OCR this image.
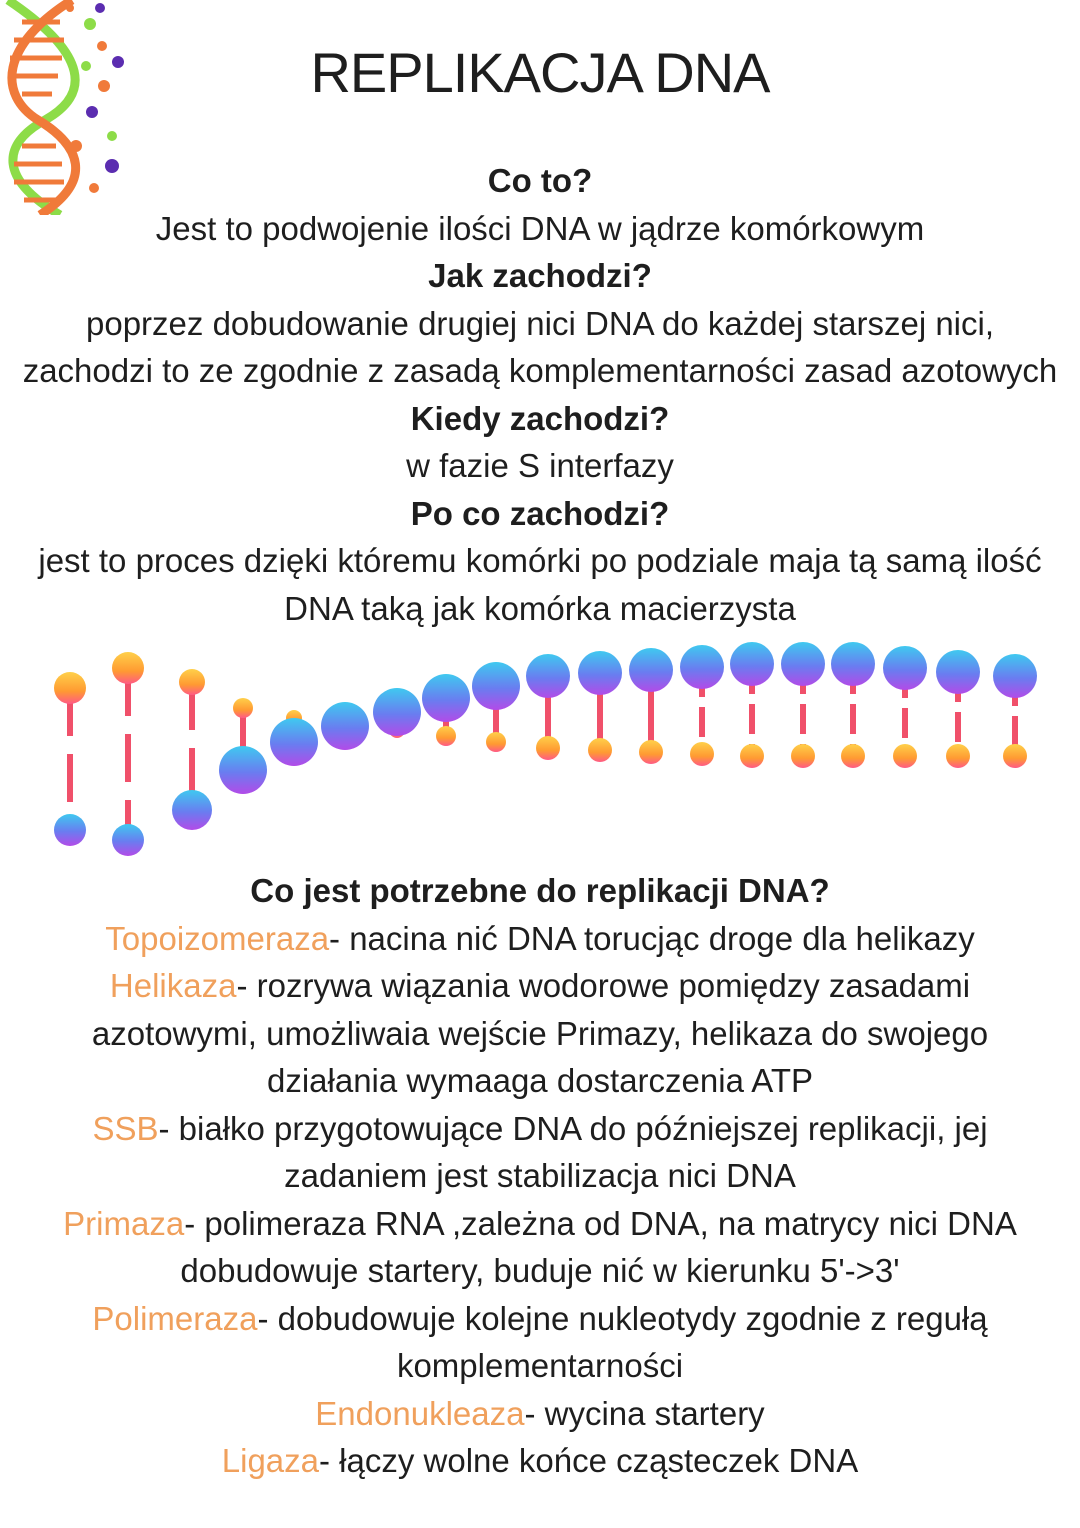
REPLIKACJA DNA
Co to?
Jest to podwojenie ilości DNA w jądrze komórkowym
Jak zachodzi?
poprzez dobudowanie drugiej nici DNA do każdej starszej nici,
zachodzi to ze zgodnie z zasadą komplementarności zasad azotowych
Kiedy zachodzi?
w fazie S interfazy
Po co zachodzi?
jest to proces dzięki któremu komórki po podziale maja tą samą ilość
DNA taką jak komórka macierzysta
Co jest potrzebne do replikacji DNA?
Topoizomeraza- nacina nić DNA torucjąc droge dla helikazy
Helikaza- rozrywa wiązania wodorowe pomiędzy zasadami
azotowymi, umożliwaia wejście Primazy, helikaza do swojego
działania wymaaga dostarczenia ATP
SSB- białko przygotowujące DNA do późniejszej replikacji, jej
zadaniem jest stabilizacja nici DNA
Primaza- polimeraza RNA ,zależna od DNA, na matrycy nici DNA
dobudowuje startery, buduje nić w kierunku 5'->3'
Polimeraza- dobudowuje kolejne nukleotydy zgodnie z regułą
komplementarności
Endonukleaza- wycina startery
Ligaza- łączy wolne końce cząsteczek DNA
